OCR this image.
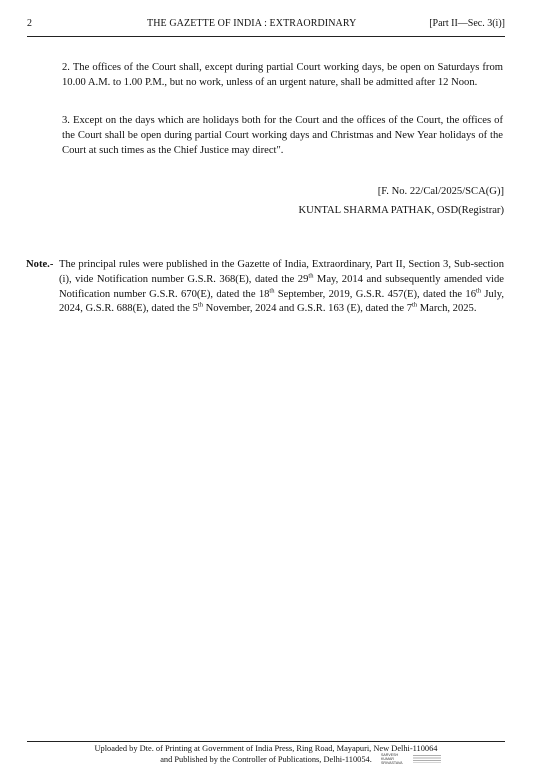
2	THE GAZETTE OF INDIA : EXTRAORDINARY	[Part II—Sec. 3(i)]

2. The offices of the Court shall, except during partial Court working days, be open on Saturdays from 10.00 A.M. to 1.00 P.M., but no work, unless of an urgent nature, shall be admitted after 12 Noon.

3. Except on the days which are holidays both for the Court and the offices of the Court, the offices of the Court shall be open during partial Court working days and Christmas and New Year holidays of the Court at such times as the Chief Justice may direct".

[F. No. 22/Cal/2025/SCA(G)]
KUNTAL SHARMA PATHAK, OSD(Registrar)
Note.- The principal rules were published in the Gazette of India, Extraordinary, Part II, Section 3, Sub-section (i), vide Notification number G.S.R. 368(E), dated the 29th May, 2014 and subsequently amended vide Notification number G.S.R. 670(E), dated the 18th September, 2019, G.S.R. 457(E), dated the 16th July, 2024, G.S.R. 688(E), dated the 5th November, 2024 and G.S.R. 163 (E), dated the 7th March, 2025.
Uploaded by Dte. of Printing at Government of India Press, Ring Road, Mayapuri, New Delhi-110064
and Published by the Controller of Publications, Delhi-110054.	SARVESH KUMAR SRIVASTAVA
